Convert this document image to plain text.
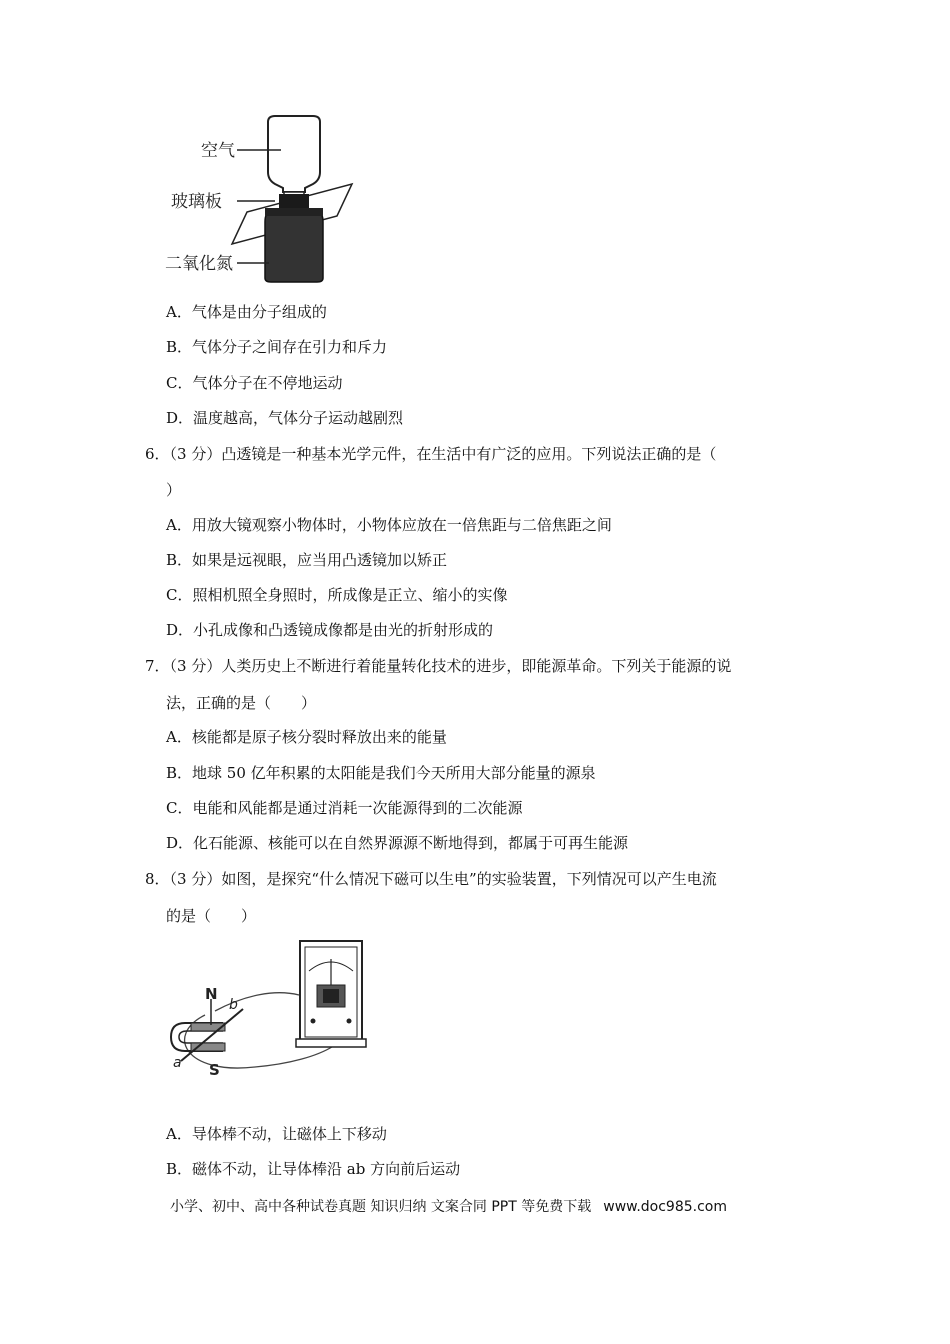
空气
玻璃板
二氧化氮
A．气体是由分子组成的
B．气体分子之间存在引力和斥力
C．气体分子在不停地运动
D．温度越高，气体分子运动越剧烈
6．（3 分）凸透镜是一种基本光学元件，在生活中有广泛的应用。下列说法正确的是（
）
A．用放大镜观察小物体时，小物体应放在一倍焦距与二倍焦距之间
B．如果是远视眼，应当用凸透镜加以矫正
C．照相机照全身照时，所成像是正立、缩小的实像
D．小孔成像和凸透镜成像都是由光的折射形成的
7．（3 分）人类历史上不断进行着能量转化技术的进步，即能源革命。下列关于能源的说
法，正确的是（　　）
A．核能都是原子核分裂时释放出来的能量
B．地球 50 亿年积累的太阳能是我们今天所用大部分能量的源泉
C．电能和风能都是通过消耗一次能源得到的二次能源
D．化石能源、核能可以在自然界源源不断地得到，都属于可再生能源
8．（3 分）如图，是探究“什么情况下磁可以生电”的实验装置，下列情况可以产生电流
的是（　　）
N
S
a
b
A．导体棒不动，让磁体上下移动
B．磁体不动，让导体棒沿 ab 方向前后运动
小学、初中、高中各种试卷真题 知识归纳 文案合同 PPT 等免费下载 www.doc985.com
